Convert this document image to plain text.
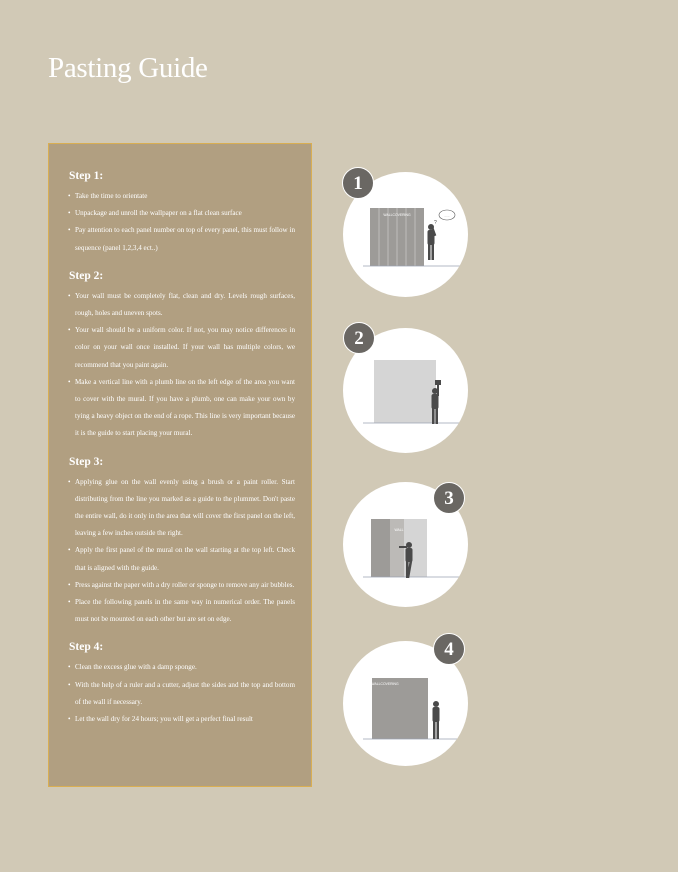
Pasting Guide
Step 1:
• Take the time to orientate
• Unpackage and unroll the wallpaper on a flat clean surface
• Pay attention to each panel number on top of every panel, this must follow in sequence (panel 1,2,3,4 ect..)
Step 2:
• Your wall must be completely flat, clean and dry. Levels rough surfaces, rough, holes and uneven spots.
• Your wall should be a uniform color. If not, you may notice differences in color on your wall once installed. If your wall has multiple colors, we recommend that you paint again.
• Make a vertical line with a plumb line on the left edge of the area you want to cover with the mural. If you have a plumb, one can make your own by tying a heavy object on the end of a rope. This line is very important because it is the guide to start placing your mural.
Step 3:
• Applying glue on the wall evenly using a brush or a paint roller. Start distributing from the line you marked as a guide to the plummet. Don't paste the entire wall, do it only in the area that will cover the first panel on the left, leaving a few inches outside the right.
• Apply the first panel of the mural on the wall starting at the top left. Check that is aligned with the guide.
• Press against the paper with a dry roller or sponge to remove any air bubbles.
• Place the following panels in the same way in numerical order. The panels must not be mounted on each other but are set on edge.
Step 4:
• Clean the excess glue with a damp sponge.
• With the help of a ruler and a cutter, adjust the sides and the top and bottom of the wall if necessary.
• Let the wall dry for 24 hours; you will get a perfect final result
WALLCOVERING	......
?
1
2
WALL
3
WALLCOVERING
4
